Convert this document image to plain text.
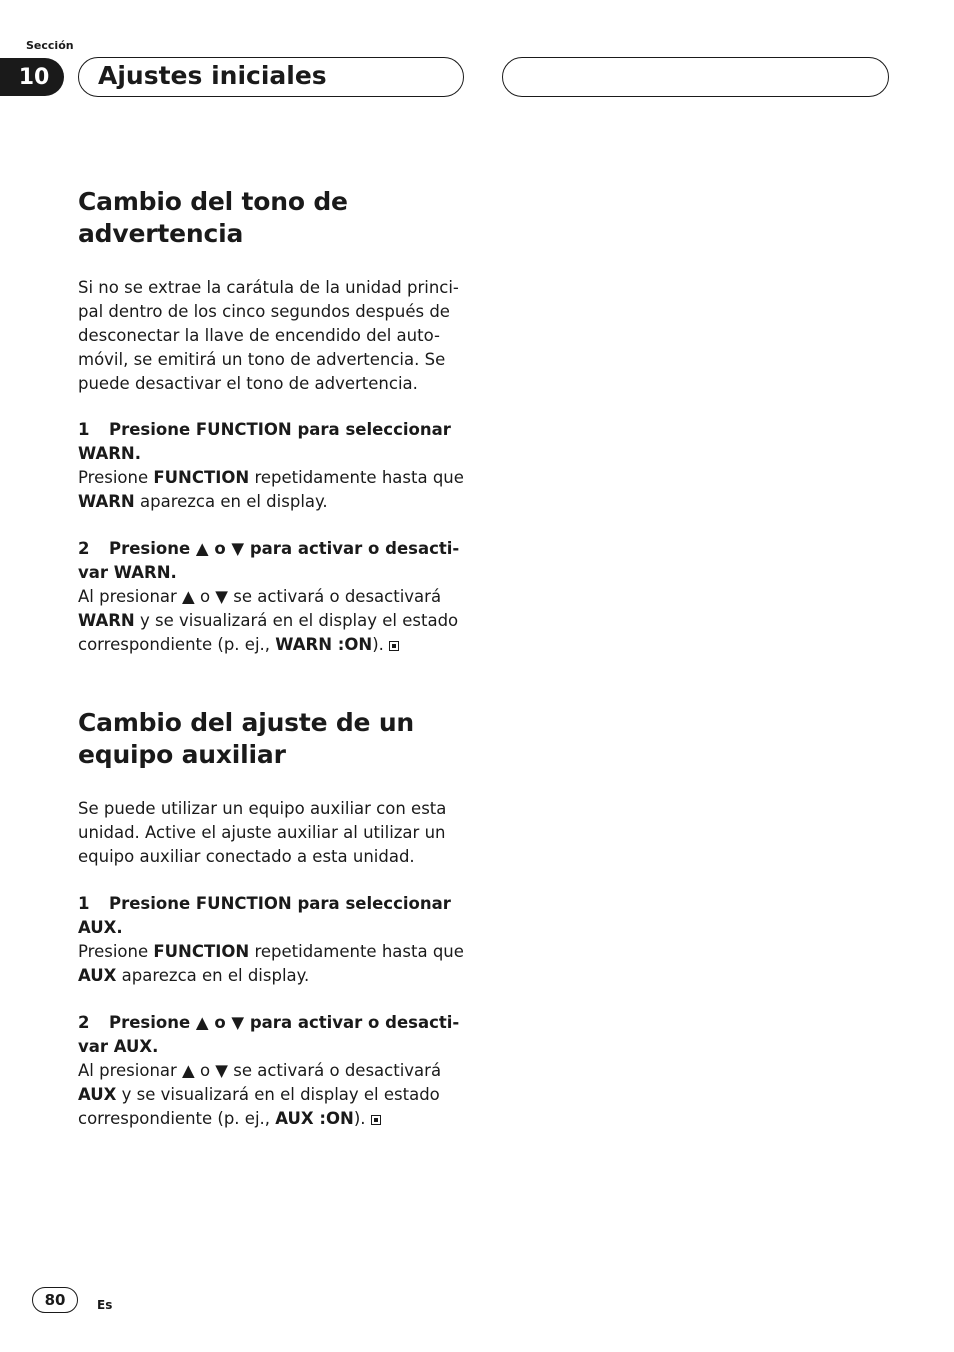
Sección
10	Ajustes iniciales
Cambio del tono de
advertencia

Si no se extrae la carátula de la unidad princi-
pal dentro de los cinco segundos después de
desconectar la llave de encendido del auto-
móvil, se emitirá un tono de advertencia. Se
puede desactivar el tono de advertencia.

1 Presione FUNCTION para seleccionar
WARN.

Presione FUNCTION repetidamente hasta que
WARN aparezca en el display.

2 Presione ▲ o ▼ para activar o desacti-
var WARN.

Al presionar ▲ o ▼ se activará o desactivará
WARN y se visualizará en el display el estado
correspondiente (p. ej., WARN :ON).

Cambio del ajuste de un
equipo auxiliar

Se puede utilizar un equipo auxiliar con esta
unidad. Active el ajuste auxiliar al utilizar un
equipo auxiliar conectado a esta unidad.

1 Presione FUNCTION para seleccionar
AUX.

Presione FUNCTION repetidamente hasta que
AUX aparezca en el display.

2 Presione ▲ o ▼ para activar o desacti-
var AUX.

Al presionar ▲ o ▼ se activará o desactivará
AUX y se visualizará en el display el estado
correspondiente (p. ej., AUX :ON).

80	Es
